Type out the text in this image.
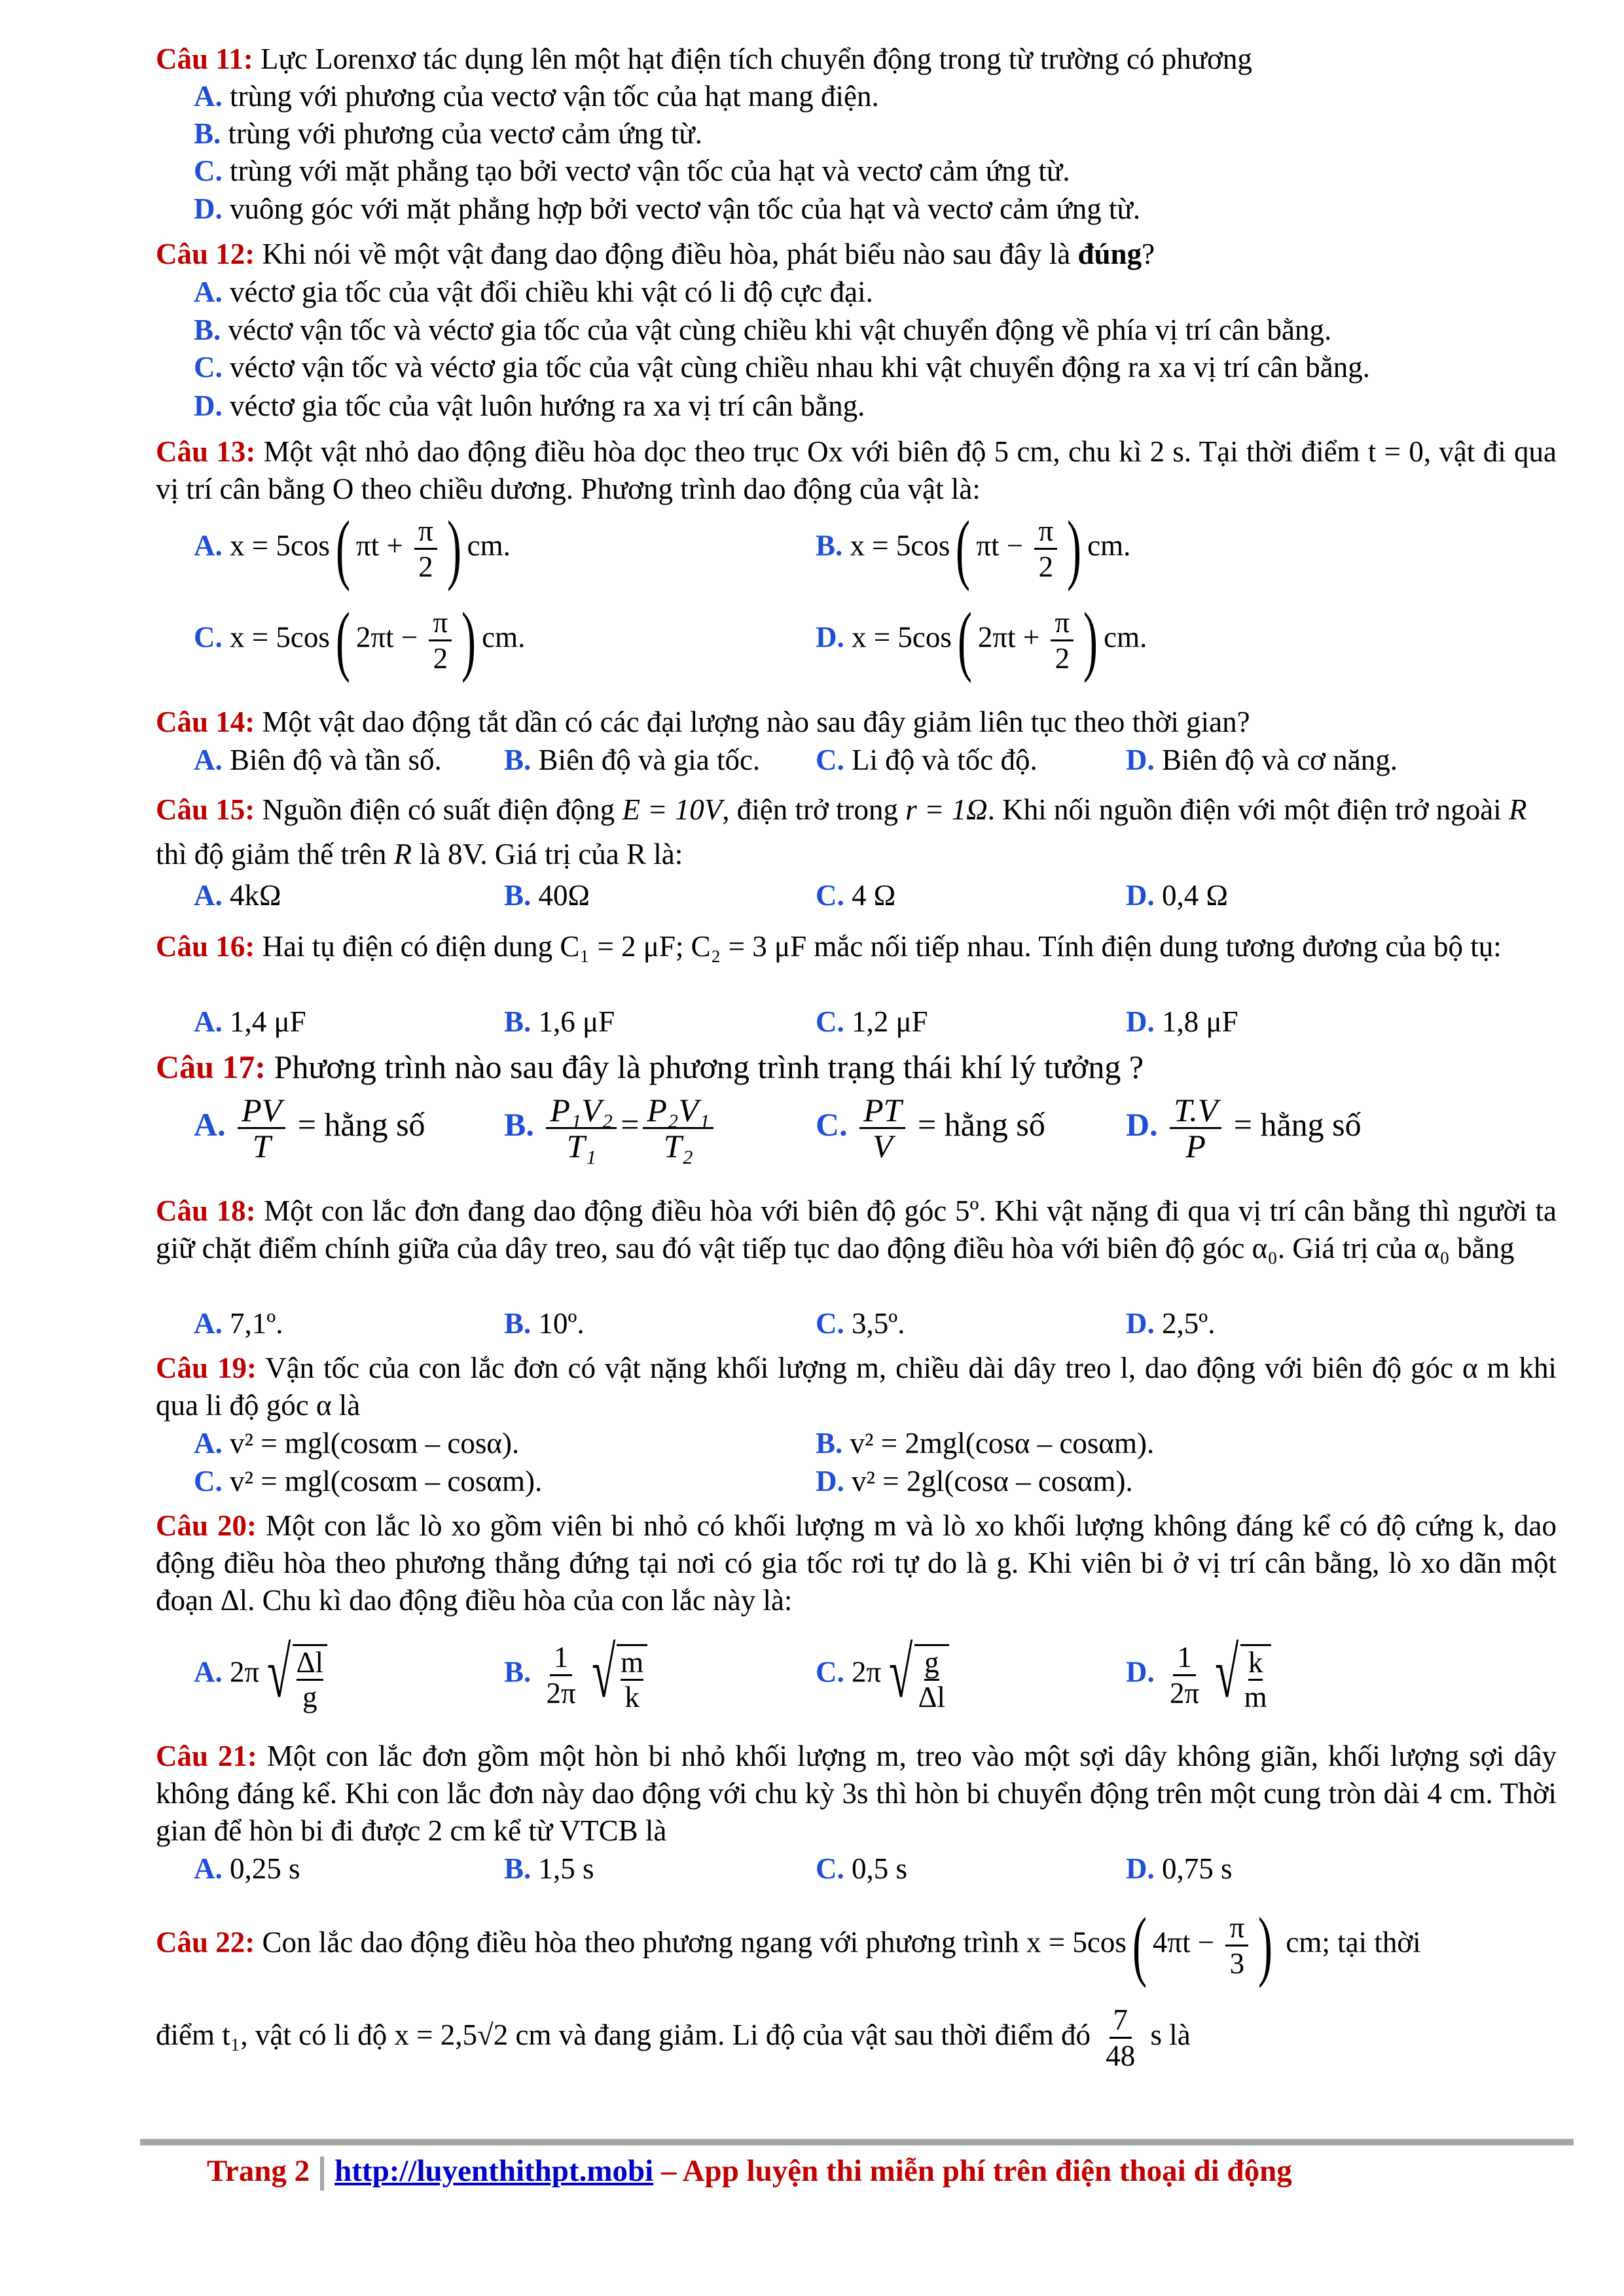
Câu 11: Lực Lorenxơ tác dụng lên một hạt điện tích chuyển động trong từ trường có phương
A. trùng với phương của vectơ vận tốc của hạt mang điện.
B. trùng với phương của vectơ cảm ứng từ.
C. trùng với mặt phẳng tạo bởi vectơ vận tốc của hạt và vectơ cảm ứng từ.
D. vuông góc với mặt phẳng hợp bởi vectơ vận tốc của hạt và vectơ cảm ứng từ.
Câu 12: Khi nói về một vật đang dao động điều hòa, phát biểu nào sau đây là đúng?
A. véctơ gia tốc của vật đổi chiều khi vật có li độ cực đại.
B. véctơ vận tốc và véctơ gia tốc của vật cùng chiều khi vật chuyển động về phía vị trí cân bằng.
C. véctơ vận tốc và véctơ gia tốc của vật cùng chiều nhau khi vật chuyển động ra xa vị trí cân bằng.
D. véctơ gia tốc của vật luôn hướng ra xa vị trí cân bằng.
Câu 13: Một vật nhỏ dao động điều hòa dọc theo trục Ox với biên độ 5 cm, chu kì 2 s. Tại thời điểm t = 0, vật đi qua vị trí cân bằng O theo chiều dương. Phương trình dao động của vật là:
A. x = 5cos( $\pi t + \frac{\pi}{2}$ ) cm.	B. x = 5cos( $\pi t - \frac{\pi}{2}$ ) cm.
C. x = 5cos( $2\pi t - \frac{\pi}{2}$ ) cm.	D. x = 5cos( $2\pi t + \frac{\pi}{2}$ ) cm.
Câu 14: Một vật dao động tắt dần có các đại lượng nào sau đây giảm liên tục theo thời gian?
A. Biên độ và tần số. B. Biên độ và gia tốc. C. Li độ và tốc độ.	D. Biên độ và cơ năng.
Câu 15: Nguồn điện có suất điện động E = 10V, điện trở trong r = 1Ω. Khi nối nguồn điện với một điện trở ngoài R thì độ giảm thế trên R là 8V. Giá trị của R là:
A. 4kΩ	B. 40Ω	C. 4 Ω	D. 0,4 Ω
Câu 16: Hai tụ điện có điện dung C₁ = 2 μF; C₂ = 3 μF mắc nối tiếp nhau. Tính điện dung tương đương của bộ tụ:
A. 1,4 μF	B. 1,6 μF	C. 1,2 μF	D. 1,8 μF
Câu 17: Phương trình nào sau đây là phương trình trạng thái khí lý tưởng ?
A. $\frac{PV}{T}$ = hằng số B. $\frac{\text{P₁V₂}}{\text{T₁}} = \frac{\text{P₂V₁}}{\text{T₂}}$	C. $\frac{PT}{V}$ = hằng số D. $\frac{T.V}{P}$ = hằng số
Câu 18: Một con lắc đơn đang dao động điều hòa với biên độ góc 5º. Khi vật nặng đi qua vị trí cân bằng thì người ta giữ chặt điểm chính giữa của dây treo, sau đó vật tiếp tục dao động điều hòa với biên độ góc α₀. Giá trị của α₀ bằng
A. 7,1º.	B. 10º.	C. 3,5º.	D. 2,5º.
Câu 19: Vận tốc của con lắc đơn có vật nặng khối lượng m, chiều dài dây treo l, dao động với biên độ góc α m khi qua li độ góc α là
A. v² = mgl(cosαm – cosα).	B. v² = 2mgl(cosα – cosαm).
C. v² = mgl(cosαm – cosαm).	D. v² = 2gl(cosα – cosαm).
Câu 20: Một con lắc lò xo gồm viên bi nhỏ có khối lượng m và lò xo khối lượng không đáng kể có độ cứng k, dao động điều hòa theo phương thẳng đứng tại nơi có gia tốc rơi tự do là g. Khi viên bi ở vị trí cân bằng, lò xo dãn một đoạn Δl. Chu kì dao động điều hòa của con lắc này là:
A. 2π √ Δl
g
B. $\frac{1}{2\pi}$ √ m
k
C. 2π √ g
Δl
D. $\frac{1}{2\pi}$ √ k
m
Câu 21: Một con lắc đơn gồm một hòn bi nhỏ khối lượng m, treo vào một sợi dây không giãn, khối lượng sợi dây không đáng kể. Khi con lắc đơn này dao động với chu kỳ 3s thì hòn bi chuyển động trên một cung tròn dài 4 cm. Thời gian để hòn bi đi được 2 cm kể từ VTCB là
A. 0,25 s	B. 1,5 s	C. 0,5 s	D. 0,75 s
Câu 22: Con lắc dao động điều hòa theo phương ngang với phương trình x = 5cos( $4\pi t - \frac{\pi}{3}$ ) cm; tại thời
điểm t₁, vật có li độ x = 2,5√2 cm và đang giảm. Li độ của vật sau thời điểm đó $\frac{7}{48}$ s là
Trang 2 http://luyenthithpt.mobi – App luyện thi miễn phí trên điện thoại di động
